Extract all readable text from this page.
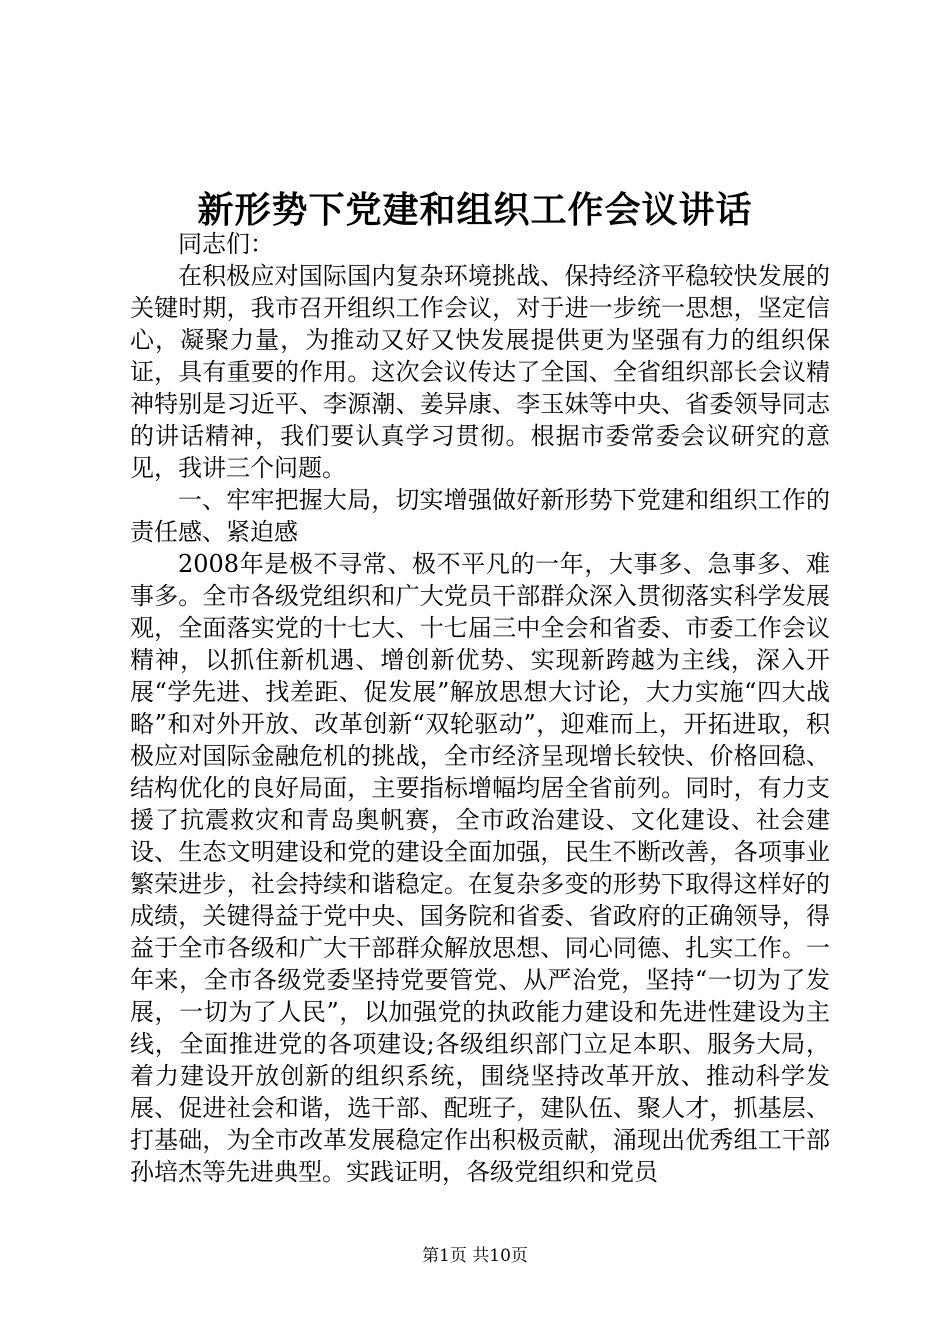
新形势下党建和组织工作会议讲话

同志们：

在积极应对国际国内复杂环境挑战、保持经济平稳较快发展的关键时期，我市召开组织工作会议，对于进一步统一思想，坚定信心，凝聚力量，为推动又好又快发展提供更为坚强有力的组织保证，具有重要的作用。这次会议传达了全国、全省组织部长会议精神特别是习近平、李源潮、姜异康、李玉妹等中央、省委领导同志的讲话精神，我们要认真学习贯彻。根据市委常委会议研究的意见，我讲三个问题。

一、牢牢把握大局，切实增强做好新形势下党建和组织工作的责任感、紧迫感

2008年是极不寻常、极不平凡的一年，大事多、急事多、难事多。全市各级党组织和广大党员干部群众深入贯彻落实科学发展观，全面落实党的十七大、十七届三中全会和省委、市委工作会议精神，以抓住新机遇、增创新优势、实现新跨越为主线，深入开展“学先进、找差距、促发展”解放思想大讨论，大力实施“四大战略”和对外开放、改革创新“双轮驱动”，迎难而上，开拓进取，积极应对国际金融危机的挑战，全市经济呈现增长较快、价格回稳、结构优化的良好局面，主要指标增幅均居全省前列。同时，有力支援了抗震救灾和青岛奥帆赛，全市政治建设、文化建设、社会建设、生态文明建设和党的建设全面加强，民生不断改善，各项事业繁荣进步，社会持续和谐稳定。在复杂多变的形势下取得这样好的成绩，关键得益于党中央、国务院和省委、省政府的正确领导，得益于全市各级和广大干部群众解放思想、同心同德、扎实工作。一年来，全市各级党委坚持党要管党、从严治党，坚持“一切为了发展，一切为了人民”，以加强党的执政能力建设和先进性建设为主线，全面推进党的各项建设;各级组织部门立足本职、服务大局，着力建设开放创新的组织系统，围绕坚持改革开放、推动科学发展、促进社会和谐，选干部、配班子，建队伍、聚人才，抓基层、打基础，为全市改革发展稳定作出积极贡献，涌现出优秀组工干部孙培杰等先进典型。实践证明，各级党组织和党员

第1页 共10页
